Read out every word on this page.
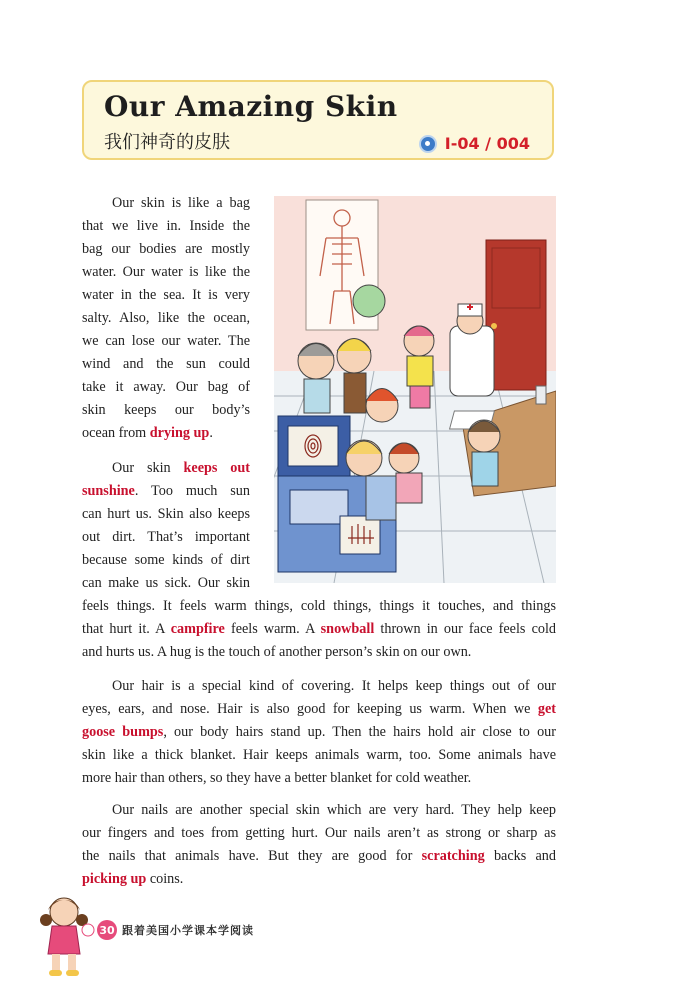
Our Amazing Skin
我们神奇的皮肤	I-04 / 004

Our skin is like a bag

that we live in. Inside the

bag our bodies are mostly

water. Our water is like the

water in the sea. It is very

salty. Also, like the ocean,

we can lose our water. The

wind and the sun could

take it away. Our bag of

skin keeps our body’s

ocean from drying up.

Our skin keeps out

sunshine. Too much sun

can hurt us. Skin also keeps

out dirt. That’s important

because some kinds of dirt

can make us sick. Our skin

feels things. It feels warm things, cold things, things it touches, and things

that hurt it. A campfire feels warm. A snowball thrown in our face feels cold

and hurts us. A hug is the touch of another person’s skin on our own.

Our hair is a special kind of covering. It helps keep things out of our

eyes, ears, and nose. Hair is also good for keeping us warm. When we get

goose bumps, our body hairs stand up. Then the hairs hold air close to our

skin like a thick blanket. Hair keeps animals warm, too. Some animals have

more hair than others, so they have a better blanket for cold weather.

Our nails are another special skin which are very hard. They help keep

our fingers and toes from getting hurt. Our nails aren’t as strong or sharp as

the nails that animals have. But they are good for scratching backs and

picking up coins.

30 跟着美国小学课本学阅读
